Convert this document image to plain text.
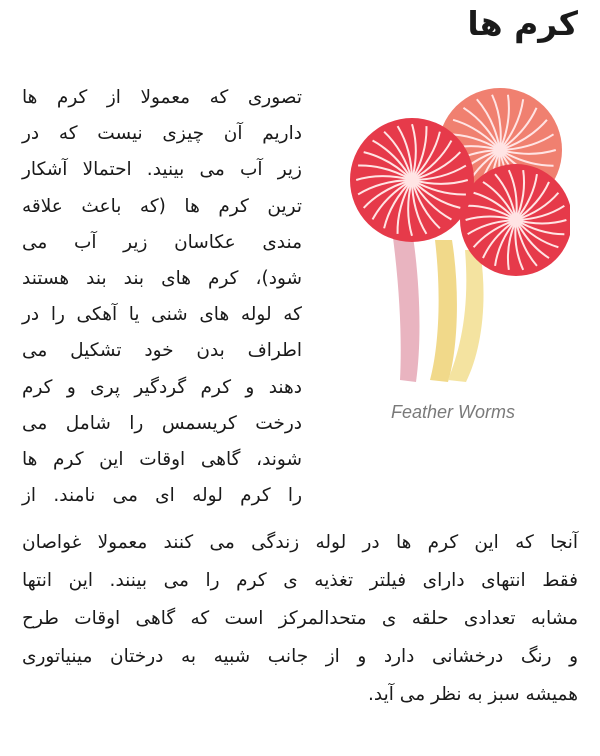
کرم ها
Feather Worms
تصوری که معمولا از کرم ها
داریم آن چیزی نیست که در
زیر آب می بینید. احتمالا آشکار
ترین کرم ها (که باعث علاقه
مندی عکاسان زیر آب می
شود)، کرم های بند بند هستند
که لوله های شنی یا آهکی را در
اطراف بدن خود تشکیل می
دهند و کرم گردگیر پری و کرم
درخت کریسمس را شامل می
شوند، گاهی اوقات این کرم ها
را کرم لوله ای می نامند. از
آنجا که این کرم ها در لوله زندگی می کنند معمولا غواصان
فقط انتهای دارای فیلتر تغذیه ی کرم را می بینند. این انتها
مشابه تعدادی حلقه ی متحدالمرکز است که گاهی اوقات طرح
و رنگ درخشانی دارد و از جانب شبیه به درختان مینیاتوری
همیشه سبز به نظر می آید.
